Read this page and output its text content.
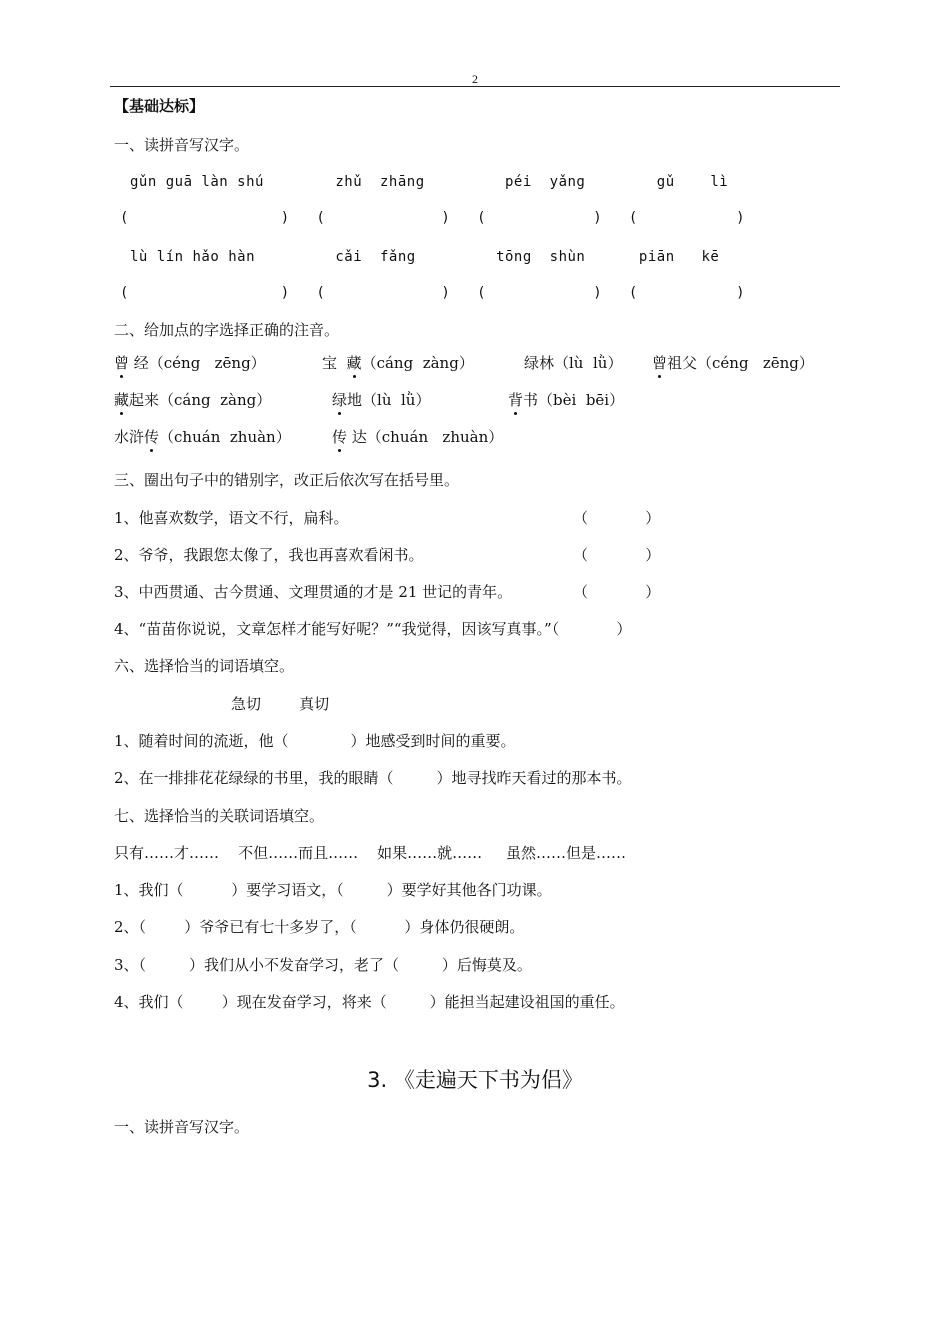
2
【基础达标】
一、读拼音写汉字。
gǔn guā làn shú        zhǔ  zhāng         péi  yǎng        gǔ    lì
(                 )   (             )   (            )   (           )
lù lín hǎo hàn         cǎi  fǎng         tōng  shùn      piān   kē
(                 )   (             )   (            )   (           )
二、给加点的字选择正确的注音。
曾 经（céng   zēng）	宝  藏（cáng  zàng）	绿林（lù  lǜ） 曾祖父（céng   zēng）
藏起来（cáng  zàng）	绿地（lù  lǜ）	背书（bèi  bēi）
水浒传（chuán  zhuàn）	传 达（chuán   zhuàn）
三、圈出句子中的错别字，改正后依次写在括号里。
1、他喜欢数学，语文不行，扁科。	（            ）
2、爷爷，我跟您太像了，我也再喜欢看闲书。	（            ）
3、中西贯通、古今贯通、文理贯通的才是 21 世记的青年。	（            ）
4、“苗苗你说说，文章怎样才能写好呢？”“我觉得，因该写真事。”（            ）
六、选择恰当的词语填空。
急切        真切
1、随着时间的流逝，他（             ）地感受到时间的重要。
2、在一排排花花绿绿的书里，我的眼睛（         ）地寻找昨天看过的那本书。
七、选择恰当的关联词语填空。
只有……才……    不但……而且……    如果……就……     虽然……但是……
1、我们（          ）要学习语文，（         ）要学好其他各门功课。
2、（        ）爷爷已有七十多岁了，（          ）身体仍很硬朗。
3、（         ）我们从小不发奋学习，老了（         ）后悔莫及。
4、我们（        ）现在发奋学习，将来（         ）能担当起建设祖国的重任。
3. 《走遍天下书为侣》
一、读拼音写汉字。
